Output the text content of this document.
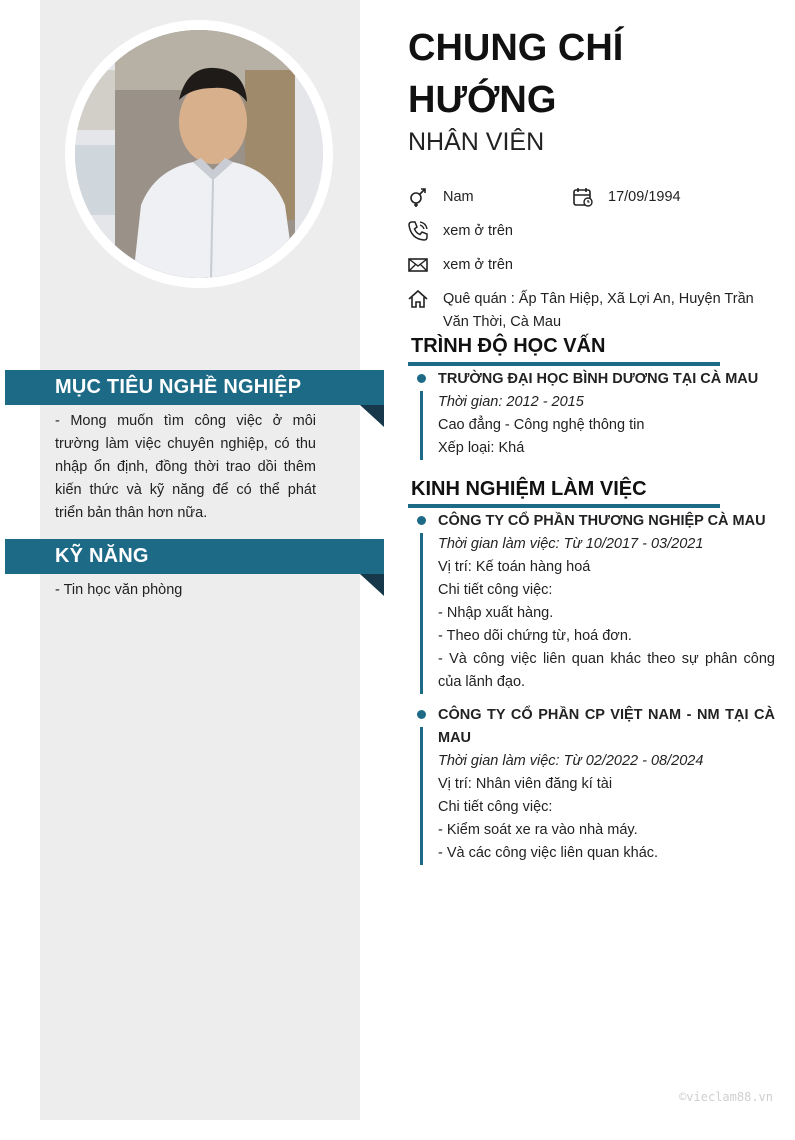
MỤC TIÊU NGHỀ NGHIỆP
- Mong muốn tìm công việc ở môi trường làm việc chuyên nghiệp, có thu nhập ổn định, đồng thời trao dồi thêm kiến thức và kỹ năng để có thể phát triển bản thân hơn nữa.
KỸ NĂNG
- Tin học văn phòng
CHUNG CHÍ HƯỚNG
NHÂN VIÊN
Nam	17/09/1994
xem ở trên
xem ở trên
Quê quán : Ấp Tân Hiệp, Xã Lợi An, Huyện Trần Văn Thời, Cà Mau
TRÌNH ĐỘ HỌC VẤN
TRƯỜNG ĐẠI HỌC BÌNH DƯƠNG TẠI CÀ MAU
Thời gian: 2012 - 2015
Cao đẳng - Công nghệ thông tin
Xếp loại: Khá
KINH NGHIỆM LÀM VIỆC
CÔNG TY CỔ PHẦN THƯƠNG NGHIỆP CÀ MAU
Thời gian làm việc: Từ 10/2017 - 03/2021
Vị trí: Kế toán hàng hoá
Chi tiết công việc:
- Nhập xuất hàng.
- Theo dõi chứng từ, hoá đơn.
- Và công việc liên quan khác theo sự phân công của lãnh đạo.
CÔNG TY CỔ PHẦN CP VIỆT NAM - NM TẠI CÀ MAU
Thời gian làm việc: Từ 02/2022 - 08/2024
Vị trí: Nhân viên đăng kí tài
Chi tiết công việc:
- Kiểm soát xe ra vào nhà máy.
- Và các công việc liên quan khác.
©vieclam88.vn
